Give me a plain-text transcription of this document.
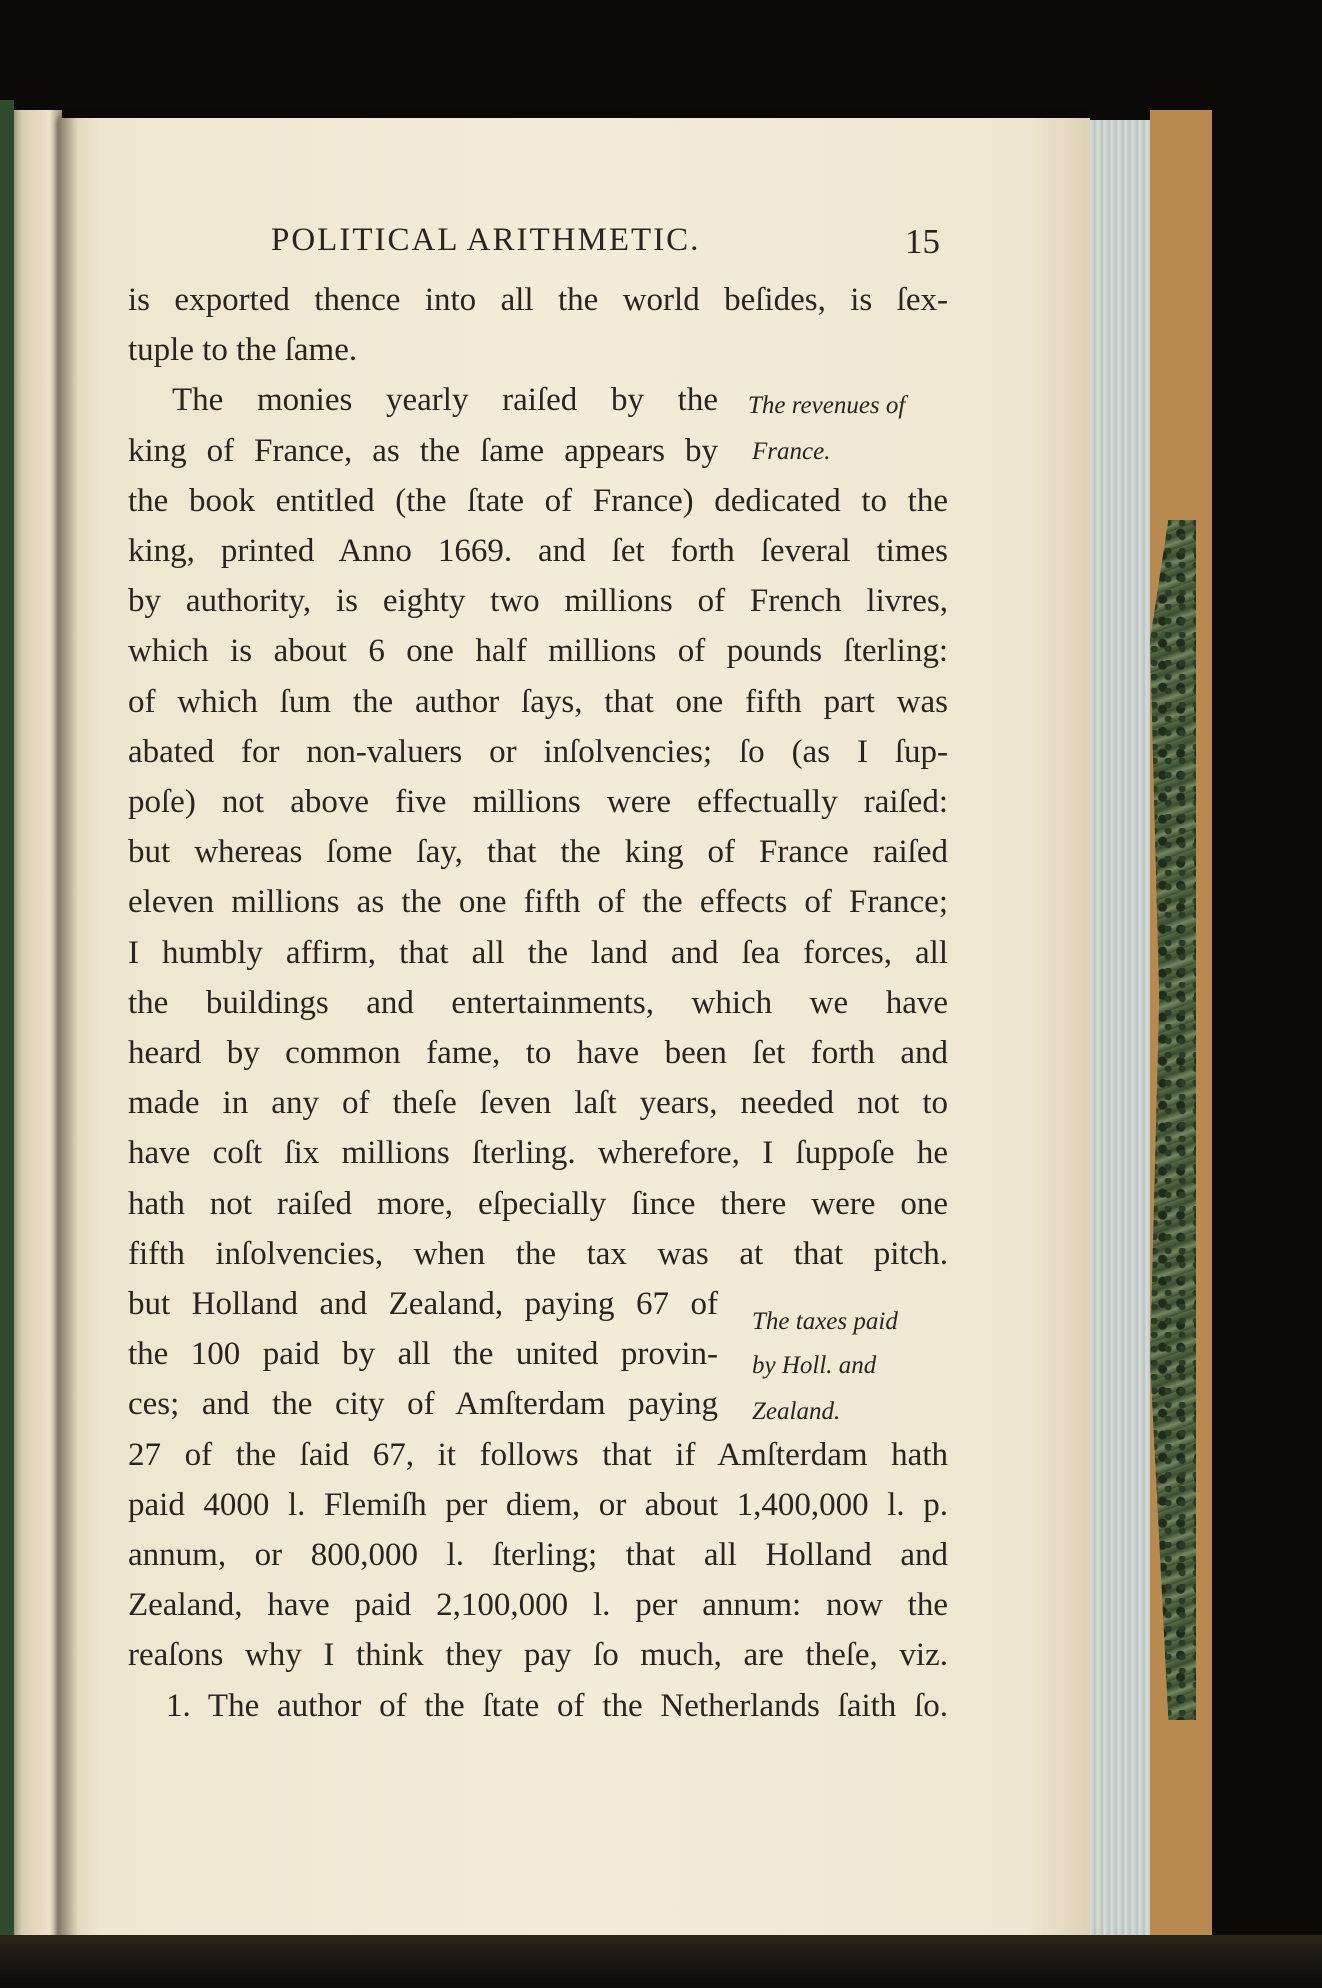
POLITICAL ARITHMETIC.	15
is exported thence into all the world beſides, is ſex-
tuple to the ſame.
The monies yearly raiſed by the
king of France, as the ſame appears by
the book entitled (the ſtate of France) dedicated to the
king, printed Anno 1669. and ſet forth ſeveral times
by authority, is eighty two millions of French livres,
which is about 6 one half millions of pounds ſterling:
of which ſum the author ſays, that one fifth part was
abated for non-valuers or inſolvencies; ſo (as I ſup-
poſe) not above five millions were effectually raiſed:
but whereas ſome ſay, that the king of France raiſed
eleven millions as the one fifth of the effects of France;
I humbly affirm, that all the land and ſea forces, all
the buildings and entertainments, which we have
heard by common fame, to have been ſet forth and
made in any of theſe ſeven laſt years, needed not to
have coſt ſix millions ſterling. wherefore, I ſuppoſe he
hath not raiſed more, eſpecially ſince there were one
fifth inſolvencies, when the tax was at that pitch.
but Holland and Zealand, paying 67 of
the 100 paid by all the united provin-
ces; and the city of Amſterdam paying
27 of the ſaid 67, it follows that if Amſterdam hath
paid 4000 l. Flemiſh per diem, or about 1,400,000 l. p.
annum, or 800,000 l. ſterling; that all Holland and
Zealand, have paid 2,100,000 l. per annum: now the
reaſons why I think they pay ſo much, are theſe, viz.
1. The author of the ſtate of the Netherlands ſaith ſo.
The revenues of
France.
The taxes paid
by Holl. and
Zealand.
